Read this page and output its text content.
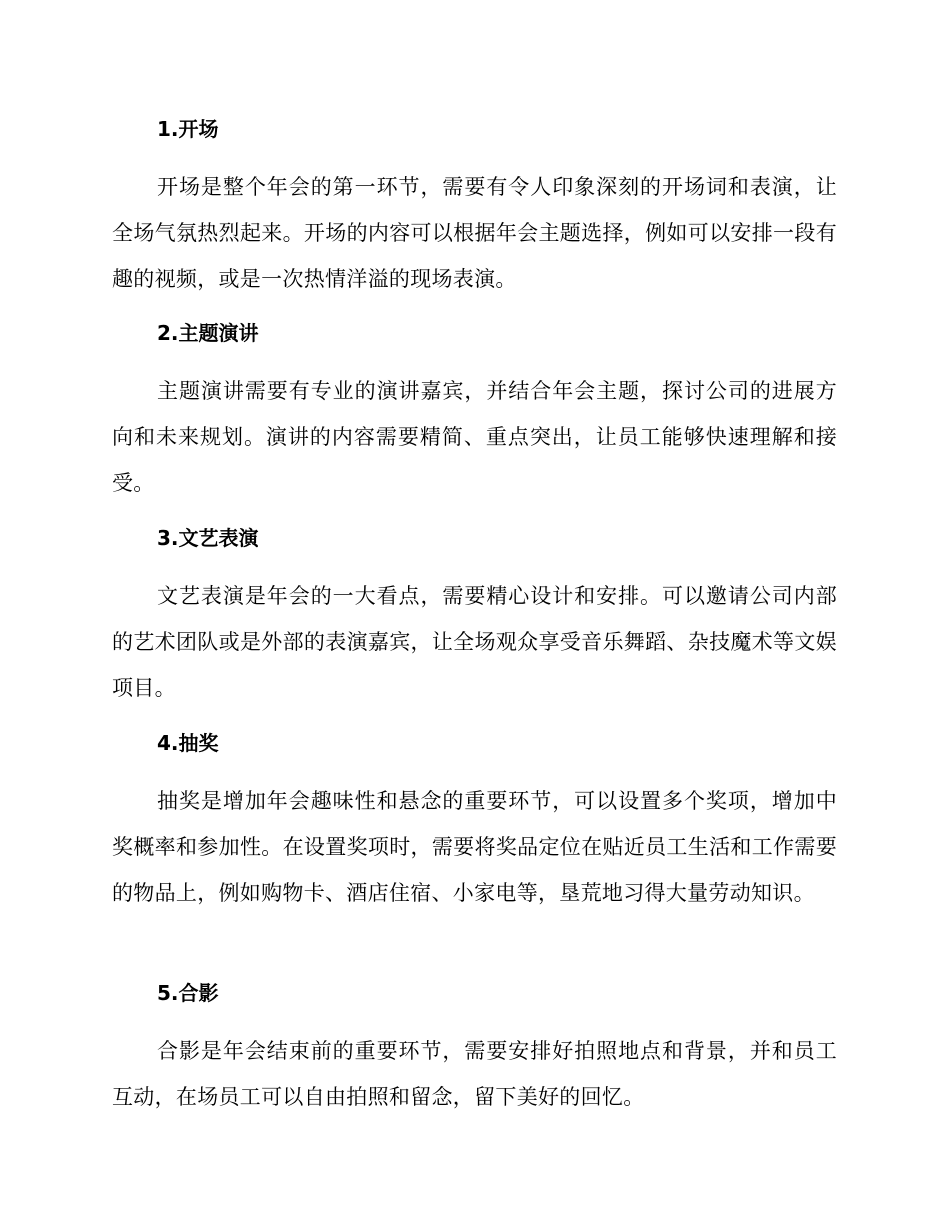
1.开场

开场是整个年会的第一环节，需要有令人印象深刻的开场词和表演，让全场气氛热烈起来。开场的内容可以根据年会主题选择，例如可以安排一段有趣的视频，或是一次热情洋溢的现场表演。

2.主题演讲

主题演讲需要有专业的演讲嘉宾，并结合年会主题，探讨公司的进展方向和未来规划。演讲的内容需要精简、重点突出，让员工能够快速理解和接受。

3.文艺表演

文艺表演是年会的一大看点，需要精心设计和安排。可以邀请公司内部的艺术团队或是外部的表演嘉宾，让全场观众享受音乐舞蹈、杂技魔术等文娱项目。

4.抽奖

抽奖是增加年会趣味性和悬念的重要环节，可以设置多个奖项，增加中奖概率和参加性。在设置奖项时，需要将奖品定位在贴近员工生活和工作需要的物品上，例如购物卡、酒店住宿、小家电等，垦荒地习得大量劳动知识。

5.合影

合影是年会结束前的重要环节，需要安排好拍照地点和背景，并和员工互动，在场员工可以自由拍照和留念，留下美好的回忆。
